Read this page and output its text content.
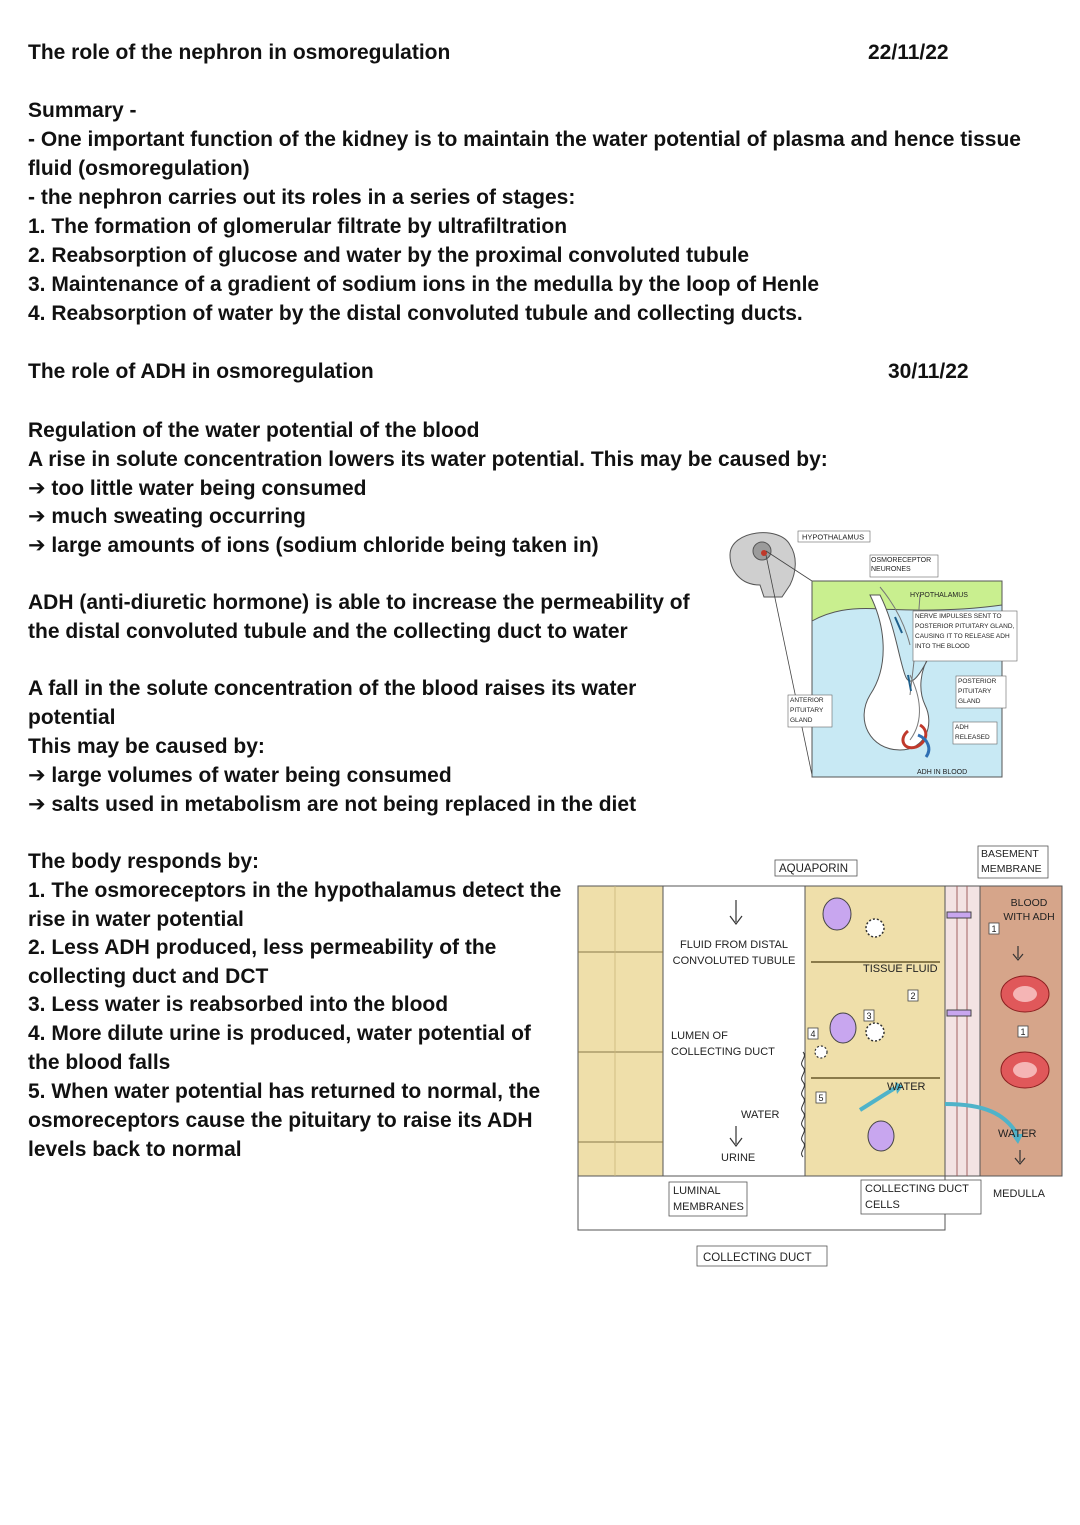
The role of the nephron in osmoregulation	22/11/22
Summary -
- One important function of the kidney is to maintain the water potential of plasma and hence tissue fluid (osmoregulation)
- the nephron carries out its roles in a series of stages:
1. The formation of glomerular filtrate by ultrafiltration
2. Reabsorption of glucose and water by the proximal convoluted tubule
3. Maintenance of a gradient of sodium ions in the medulla by the loop of Henle
4. Reabsorption of water by the distal convoluted tubule and collecting ducts.
The role of ADH in osmoregulation	30/11/22
Regulation of the water potential of the blood
A rise in solute concentration lowers its water potential. This may be caused by:
➔ too little water being consumed
➔ much sweating occurring
➔ large amounts of ions (sodium chloride being taken in)
ADH (anti-diuretic hormone) is able to increase the permeability of the distal convoluted tubule and the collecting duct to water
A fall in the solute concentration of the blood raises its water potential
This may be caused by:
➔ large volumes of water being consumed
➔ salts used in metabolism are not being replaced in the diet
The body responds by:
1. The osmoreceptors in the hypothalamus detect the rise in water potential
2. Less ADH produced, less permeability of the collecting duct and DCT
3. Less water is reabsorbed into the blood
4. More dilute urine is produced, water potential of the blood falls
5. When water potential has returned to normal, the osmoreceptors cause the pituitary to raise its ADH levels back to normal
HYPOTHALAMUS
OSMORECEPTOR NEURONES
HYPOTHALAMUS
NERVE IMPULSES SENT TO POSTERIOR PITUITARY GLAND, CAUSING IT TO RELEASE ADH INTO THE BLOOD
POSTERIOR PITUITARY GLAND
ANTERIOR PITUITARY GLAND
ADH RELEASED
ADH IN BLOOD
1
2
3
4
5
1
AQUAPORIN
BASEMENT MEMBRANE
BLOOD WITH ADH
FLUID FROM DISTAL CONVOLUTED TUBULE
TISSUE FLUID
LUMEN OF COLLECTING DUCT
WATER
WATER
WATER
URINE
LUMINAL MEMBRANES
COLLECTING DUCT CELLS
MEDULLA
COLLECTING DUCT
